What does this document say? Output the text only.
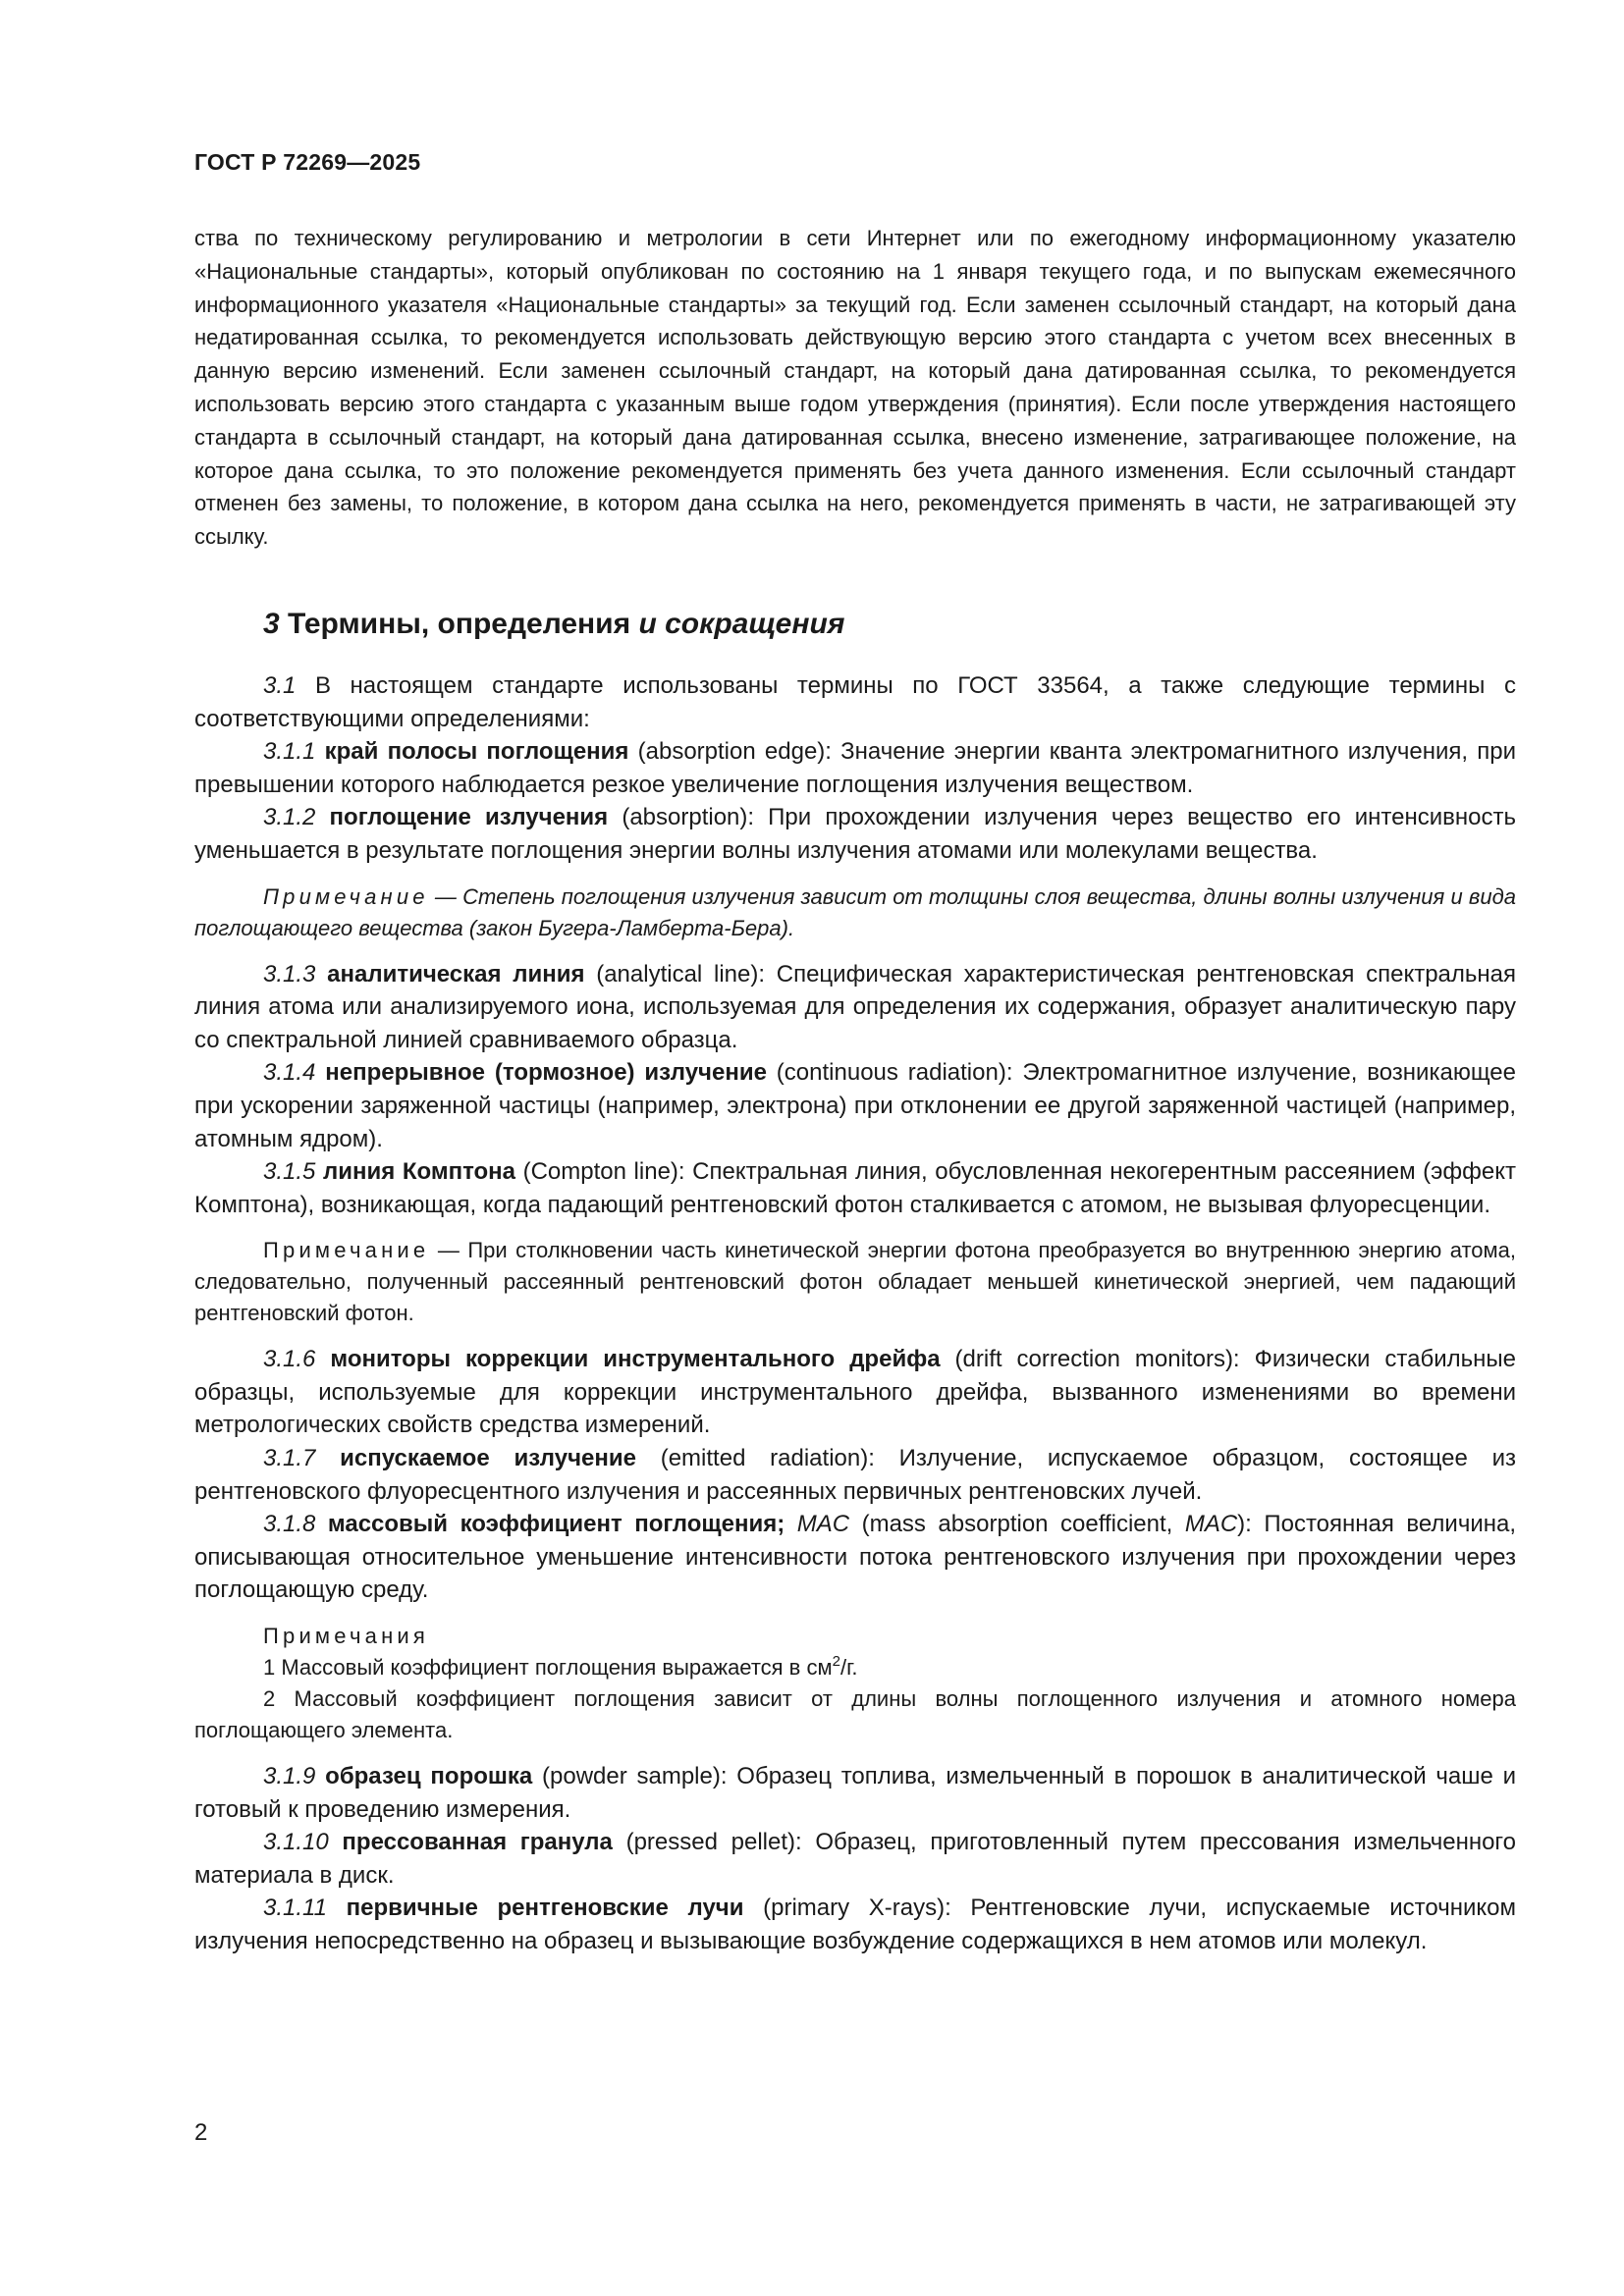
ГОСТ Р 72269—2025

ства по техническому регулированию и метрологии в сети Интернет или по ежегодному информационному указателю «Национальные стандарты», который опубликован по состоянию на 1 января текущего года, и по выпускам ежемесячного информационного указателя «Национальные стандарты» за текущий год. Если заменен ссылочный стандарт, на который дана недатированная ссылка, то рекомендуется использовать действующую версию этого стандарта с учетом всех внесенных в данную версию изменений. Если заменен ссылочный стандарт, на который дана датированная ссылка, то рекомендуется использовать версию этого стандарта с указанным выше годом утверждения (принятия). Если после утверждения настоящего стандарта в ссылочный стандарт, на который дана датированная ссылка, внесено изменение, затрагивающее положение, на которое дана ссылка, то это положение рекомендуется применять без учета данного изменения. Если ссылочный стандарт отменен без замены, то положение, в котором дана ссылка на него, рекомендуется применять в части, не затрагивающей эту ссылку.

3 Термины, определения и сокращения

3.1 В настоящем стандарте использованы термины по ГОСТ 33564, а также следующие термины с соответствующими определениями:

3.1.1 край полосы поглощения (absorption edge): Значение энергии кванта электромагнитного излучения, при превышении которого наблюдается резкое увеличение поглощения излучения веществом.

3.1.2 поглощение излучения (absorption): При прохождении излучения через вещество его интенсивность уменьшается в результате поглощения энергии волны излучения атомами или молекулами вещества.

Примечание — Степень поглощения излучения зависит от толщины слоя вещества, длины волны излучения и вида поглощающего вещества (закон Бугера-Ламберта-Бера).

3.1.3 аналитическая линия (analytical line): Специфическая характеристическая рентгеновская спектральная линия атома или анализируемого иона, используемая для определения их содержания, образует аналитическую пару со спектральной линией сравниваемого образца.

3.1.4 непрерывное (тормозное) излучение (continuous radiation): Электромагнитное излучение, возникающее при ускорении заряженной частицы (например, электрона) при отклонении ее другой заряженной частицей (например, атомным ядром).

3.1.5 линия Комптона (Compton line): Спектральная линия, обусловленная некогерентным рассеянием (эффект Комптона), возникающая, когда падающий рентгеновский фотон сталкивается с атомом, не вызывая флуоресценции.

Примечание — При столкновении часть кинетической энергии фотона преобразуется во внутреннюю энергию атома, следовательно, полученный рассеянный рентгеновский фотон обладает меньшей кинетической энергией, чем падающий рентгеновский фотон.

3.1.6 мониторы коррекции инструментального дрейфа (drift correction monitors): Физически стабильные образцы, используемые для коррекции инструментального дрейфа, вызванного изменениями во времени метрологических свойств средства измерений.

3.1.7 испускаемое излучение (emitted radiation): Излучение, испускаемое образцом, состоящее из рентгеновского флуоресцентного излучения и рассеянных первичных рентгеновских лучей.

3.1.8 массовый коэффициент поглощения; MAC (mass absorption coefficient, MAC): Постоянная величина, описывающая относительное уменьшение интенсивности потока рентгеновского излучения при прохождении через поглощающую среду.

Примечания
1 Массовый коэффициент поглощения выражается в $см^2/г$.
2 Массовый коэффициент поглощения зависит от длины волны поглощенного излучения и атомного номера поглощающего элемента.

3.1.9 образец порошка (powder sample): Образец топлива, измельченный в порошок в аналитической чаше и готовый к проведению измерения.

3.1.10 прессованная гранула (pressed pellet): Образец, приготовленный путем прессования измельченного материала в диск.

3.1.11 первичные рентгеновские лучи (primary X-rays): Рентгеновские лучи, испускаемые источником излучения непосредственно на образец и вызывающие возбуждение содержащихся в нем атомов или молекул.

2
